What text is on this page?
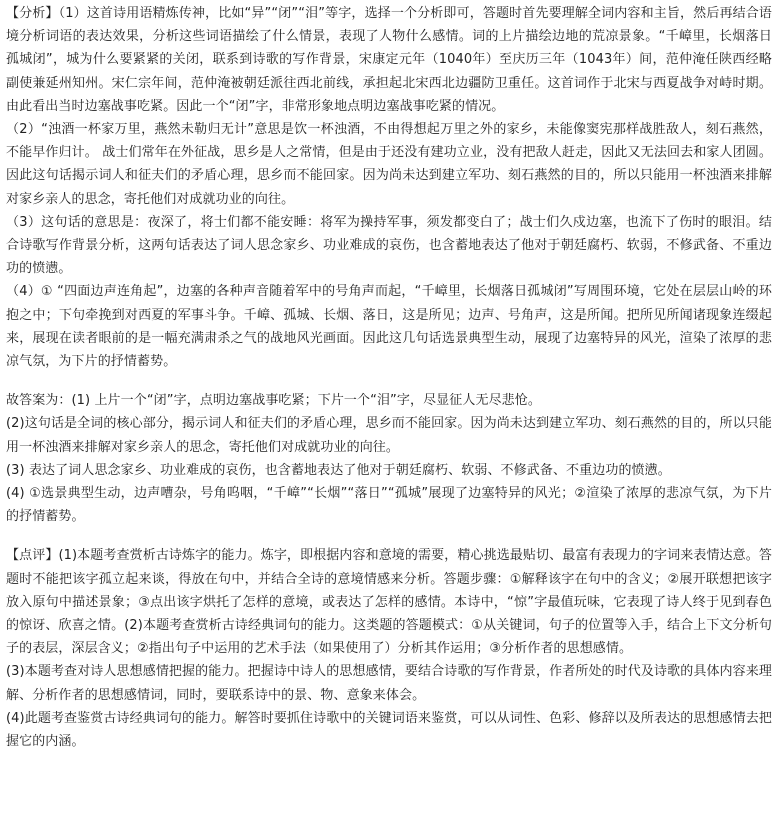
【分析】（1）这首诗用语精炼传神，比如“异”“闭”“泪”等字，选择一个分析即可，答题时首先要理解全词内容和主旨，然后再结合语境分析词语的表达效果，分析这些词语描绘了什么情景，表现了人物什么感情。词的上片描绘边地的荒凉景象。“千嶂里，长烟落日孤城闭”，城为什么要紧紧的关闭，联系到诗歌的写作背景，宋康定元年（1040年）至庆历三年（1043年）间，范仲淹任陕西经略副使兼延州知州。宋仁宗年间，范仲淹被朝廷派往西北前线，承担起北宋西北边疆防卫重任。这首词作于北宋与西夏战争对峙时期。由此看出当时边塞战事吃紧。因此一个“闭”字，非常形象地点明边塞战事吃紧的情况。

（2）“浊酒一杯家万里，燕然未勒归无计”意思是饮一杯浊酒，不由得想起万里之外的家乡，未能像窦宪那样战胜敌人，刻石燕然，不能早作归计。 战士们常年在外征战，思乡是人之常情，但是由于还没有建功立业，没有把敌人赶走，因此又无法回去和家人团圆。因此这句话揭示词人和征夫们的矛盾心理，思乡而不能回家。因为尚未达到建立军功、刻石燕然的目的，所以只能用一杯浊酒来排解对家乡亲人的思念，寄托他们对成就功业的向往。

（3）这句话的意思是：夜深了，将士们都不能安睡：将军为操持军事，须发都变白了；战士们久戍边塞，也流下了伤时的眼泪。结合诗歌写作背景分析，这两句话表达了词人思念家乡、功业难成的哀伤，也含蓄地表达了他对于朝廷腐朽、软弱，不修武备、不重边功的愤懑。

（4）① “四面边声连角起”，边塞的各种声音随着军中的号角声而起，“千嶂里，长烟落日孤城闭”写周围环境，它处在层层山岭的环抱之中；下句牵挽到对西夏的军事斗争。千嶂、孤城、长烟、落日，这是所见；边声、号角声，这是所闻。把所见所闻诸现象连缀起来，展现在读者眼前的是一幅充满肃杀之气的战地风光画面。因此这几句话选景典型生动，展现了边塞特异的风光，渲染了浓厚的悲凉气氛，为下片的抒情蓄势。

故答案为：(1) 上片一个“闭”字，点明边塞战事吃紧；下片一个“泪”字，尽显征人无尽悲怆。

(2)这句话是全词的核心部分，揭示词人和征夫们的矛盾心理，思乡而不能回家。因为尚未达到建立军功、刻石燕然的目的，所以只能用一杯浊酒来排解对家乡亲人的思念，寄托他们对成就功业的向往。

(3) 表达了词人思念家乡、功业难成的哀伤，也含蓄地表达了他对于朝廷腐朽、软弱、不修武备、不重边功的愤懑。

(4) ①选景典型生动，边声嘈杂，号角呜咽，“千嶂”“长烟”“落日”“孤城”展现了边塞特异的风光；②渲染了浓厚的悲凉气氛，为下片的抒情蓄势。

【点评】(1)本题考查赏析古诗炼字的能力。炼字，即根据内容和意境的需要，精心挑选最贴切、最富有表现力的字词来表情达意。答题时不能把该字孤立起来谈，得放在句中，并结合全诗的意境情感来分析。答题步骤：①解释该字在句中的含义；②展开联想把该字放入原句中描述景象；③点出该字烘托了怎样的意境，或表达了怎样的感情。本诗中，“惊”字最值玩味，它表现了诗人终于见到春色的惊讶、欣喜之情。(2)本题考查赏析古诗经典词句的能力。这类题的答题模式：①从关键词，句子的位置等入手，结合上下文分析句子的表层，深层含义；②指出句子中运用的艺术手法（如果使用了）分析其作运用；③分析作者的思想感情。

(3)本题考查对诗人思想感情把握的能力。把握诗中诗人的思想感情，要结合诗歌的写作背景，作者所处的时代及诗歌的具体内容来理解、分析作者的思想感情词，同时，要联系诗中的景、物、意象来体会。

(4)此题考查鉴赏古诗经典词句的能力。解答时要抓住诗歌中的关键词语来鉴赏，可以从词性、色彩、修辞以及所表达的思想感情去把握它的内涵。
